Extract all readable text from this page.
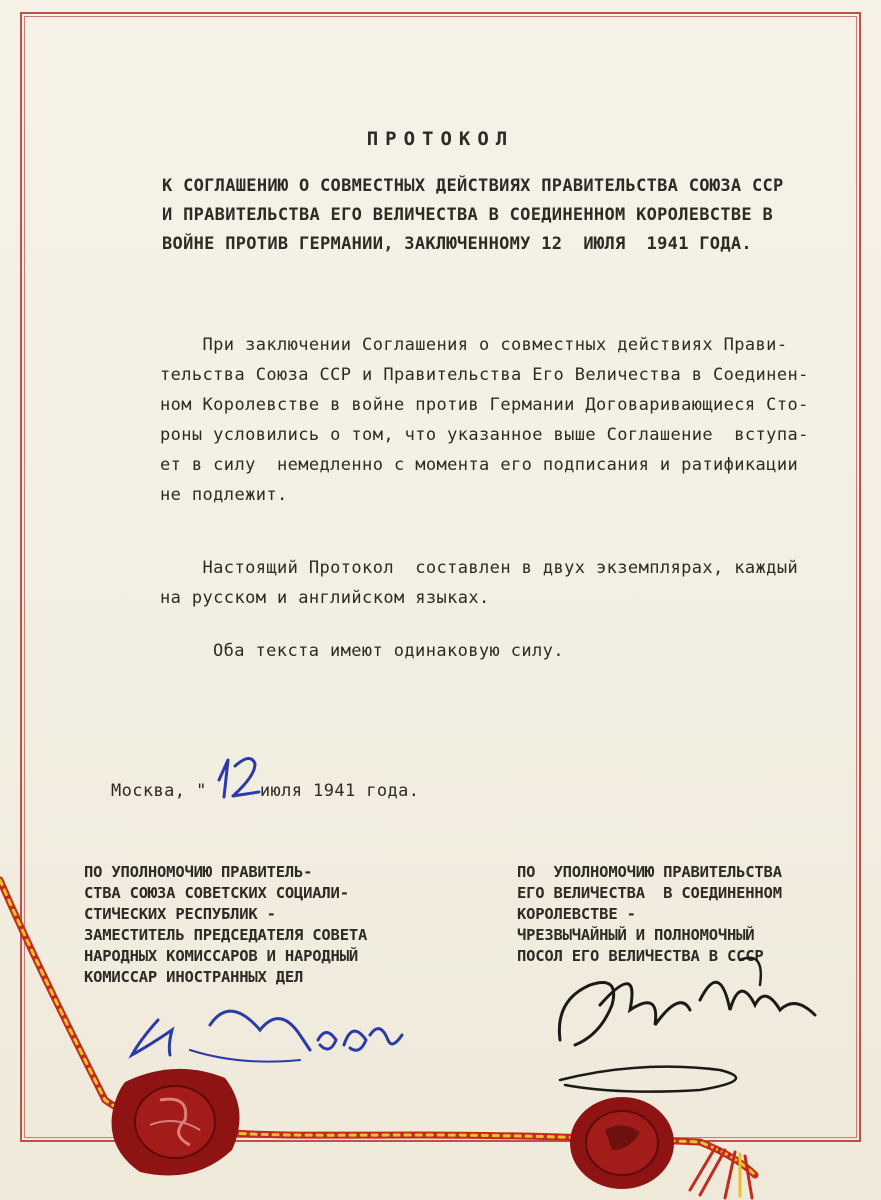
ПРОТОКОЛ
К СОГЛАШЕНИЮ О СОВМЕСТНЫХ ДЕЙСТВИЯХ ПРАВИТЕЛЬСТВА СОЮЗА ССР
И ПРАВИТЕЛЬСТВА ЕГО ВЕЛИЧЕСТВА В СОЕДИНЕННОМ КОРОЛЕВСТВЕ В
ВОЙНЕ ПРОТИВ ГЕРМАНИИ, ЗАКЛЮЧЕННОМУ 12  ИЮЛЯ  1941 ГОДА.
При заключении Соглашения о совместных действиях Прави-
тельства Союза ССР и Правительства Его Величества в Соединен-
ном Королевстве в войне против Германии Договаривающиеся Сто-
роны условились о том, что указанное выше Соглашение  вступа-
ет в силу  немедленно с момента его подписания и ратификации
не подлежит.
Настоящий Протокол  составлен в двух экземплярах, каждый
на русском и английском языках.
Оба текста имеют одинаковую силу.
Москва, "     июля 1941 года.
ПО УПОЛНОМОЧИЮ ПРАВИТЕЛЬ-
СТВА СОЮЗА СОВЕТСКИХ СОЦИАЛИ-
СТИЧЕСКИХ РЕСПУБЛИК -
ЗАМЕСТИТЕЛЬ ПРЕДСЕДАТЕЛЯ СОВЕТА
НАРОДНЫХ КОМИССАРОВ И НАРОДНЫЙ
КОМИССАР ИНОСТРАННЫХ ДЕЛ
ПО  УПОЛНОМОЧИЮ ПРАВИТЕЛЬСТВА
ЕГО ВЕЛИЧЕСТВА  В СОЕДИНЕННОМ
КОРОЛЕВСТВЕ -
ЧРЕЗВЫЧАЙНЫЙ И ПОЛНОМОЧНЫЙ
ПОСОЛ ЕГО ВЕЛИЧЕСТВА В СССР
